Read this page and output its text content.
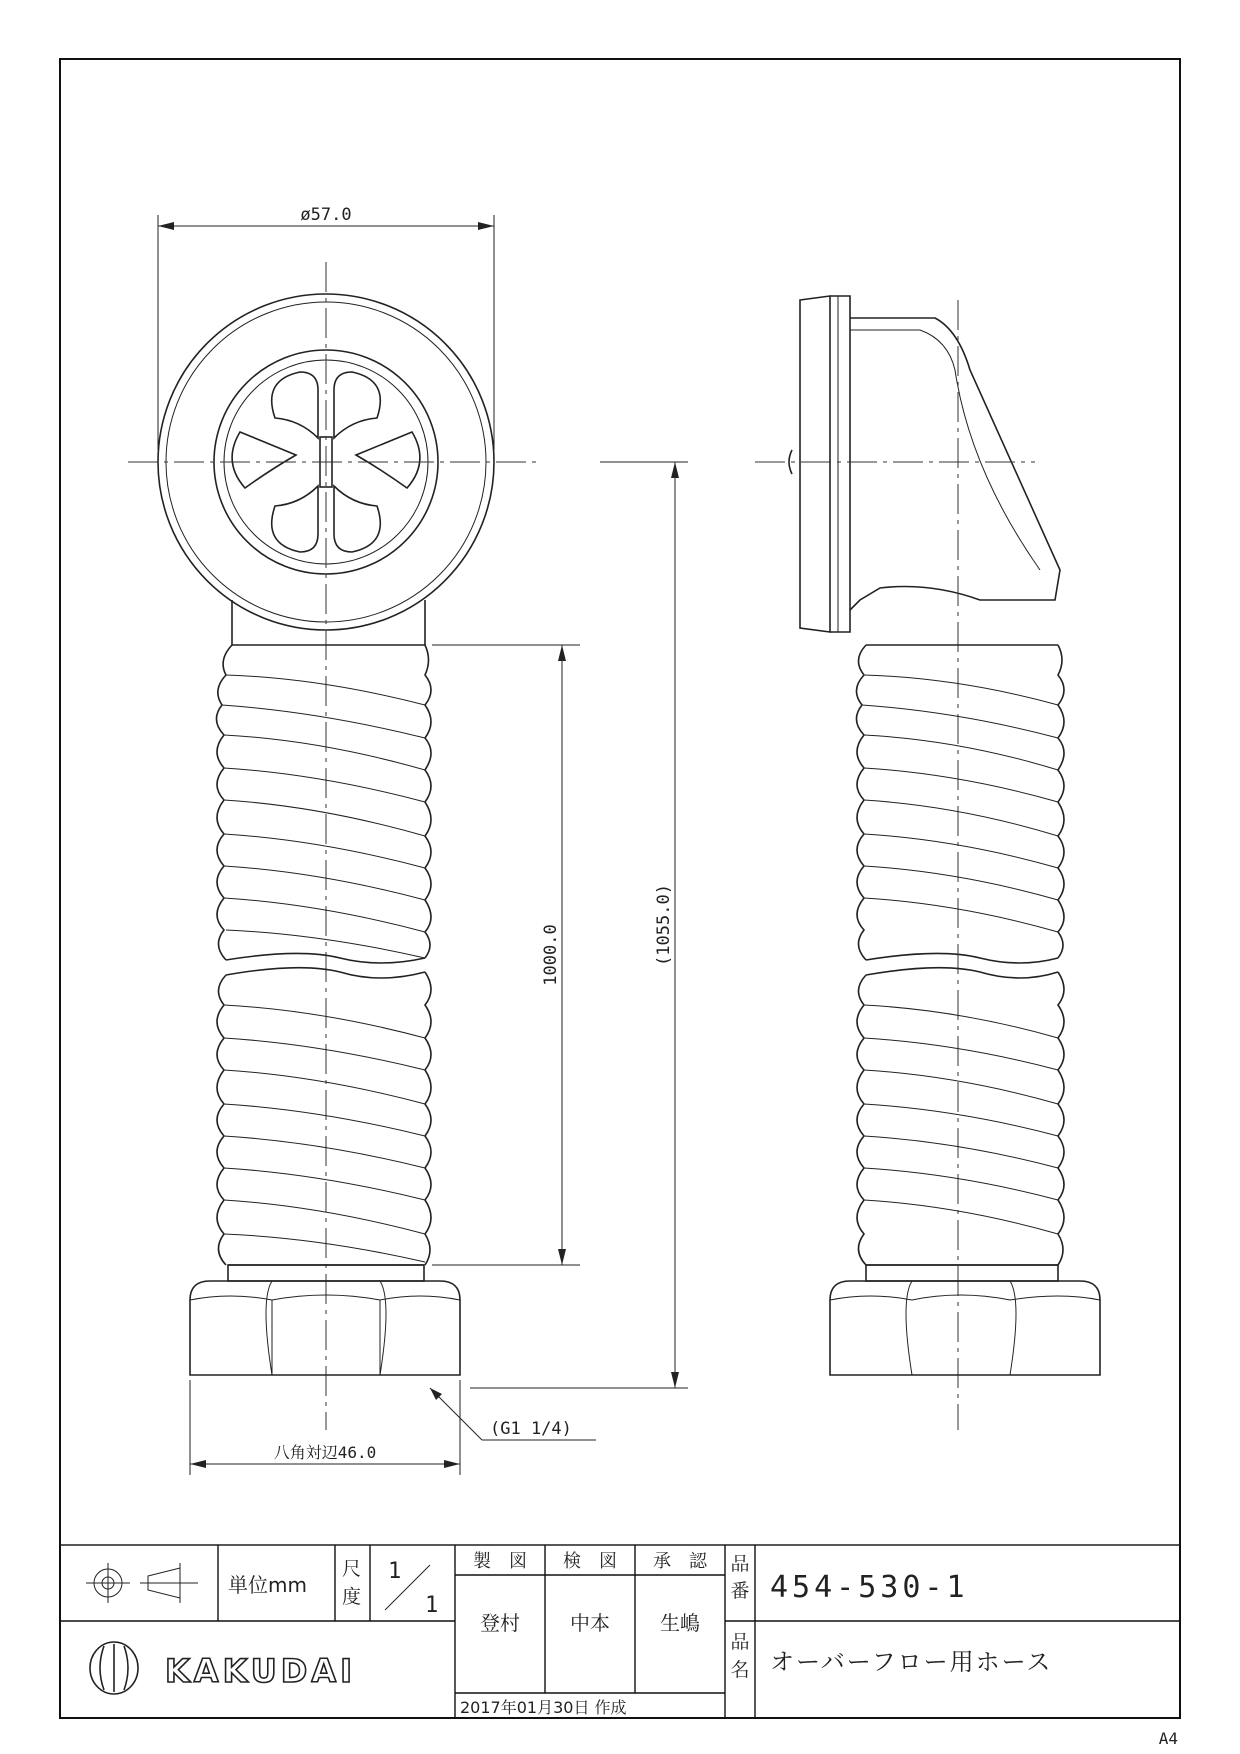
ø57.0
1000.0	(1055.0)
(G1 1/4)
八角対辺46.0
単位mm
尺
度
1
1
製　図 検　図 承　認
登村	中本	生嶋
2017年01月30日 作成
品
番 454-530-1
品
名 オーバーフロー用ホース
KAKUDAI
A4
